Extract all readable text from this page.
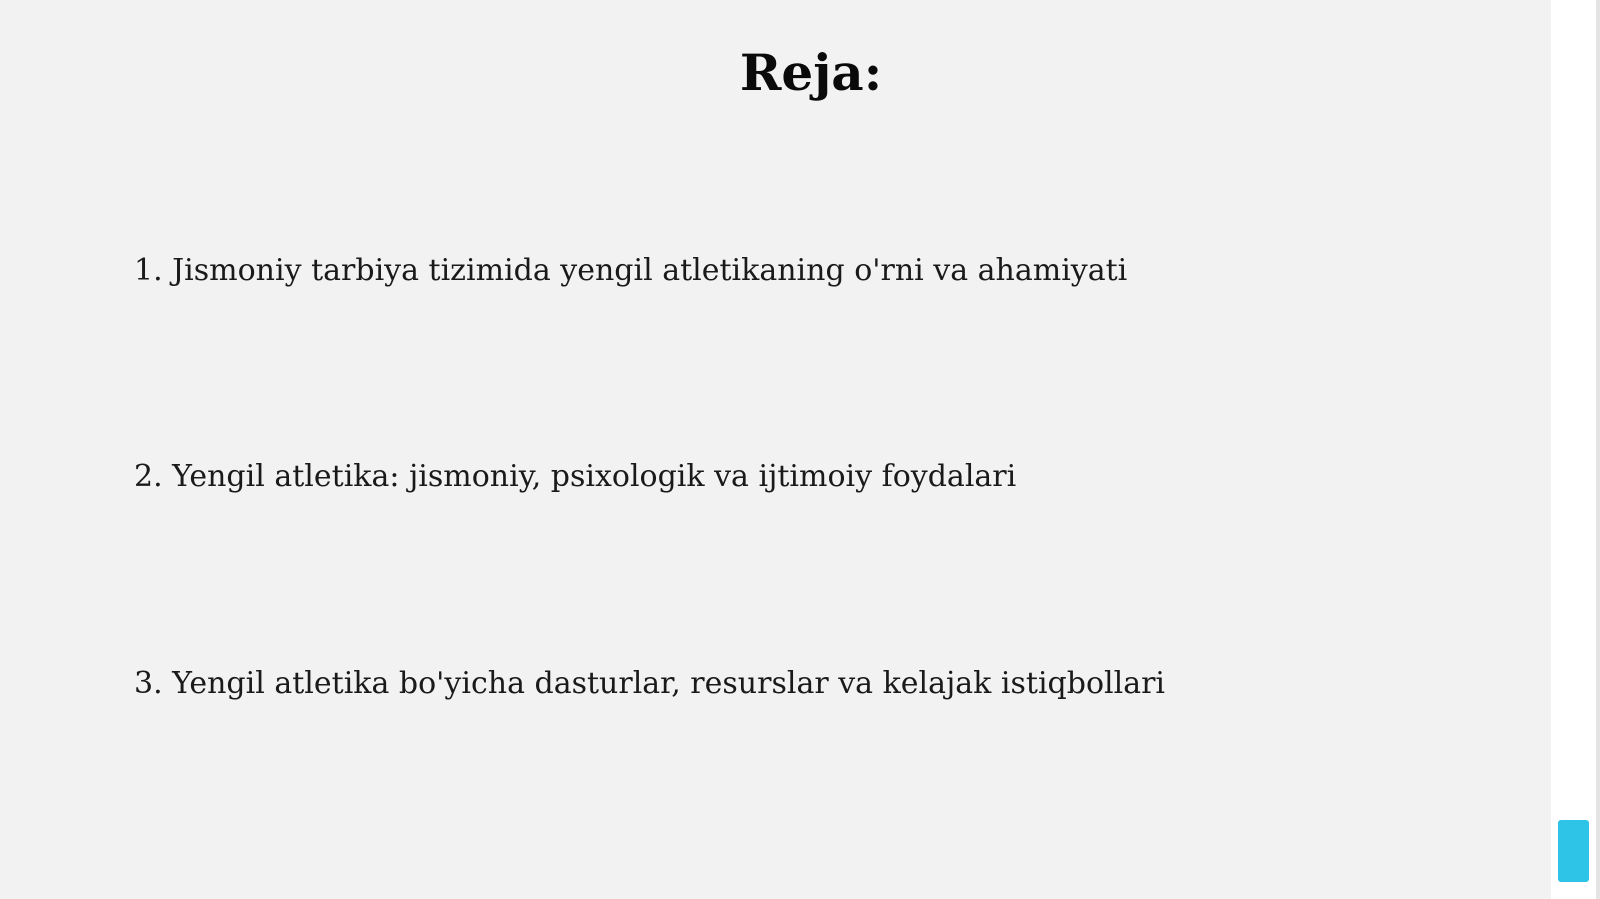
Reja:

1. Jismoniy tarbiya tizimida yengil atletikaning o'rni va ahamiyati

2. Yengil atletika: jismoniy, psixologik va ijtimoiy foydalari

3. Yengil atletika bo'yicha dasturlar, resurslar va kelajak istiqbollari
